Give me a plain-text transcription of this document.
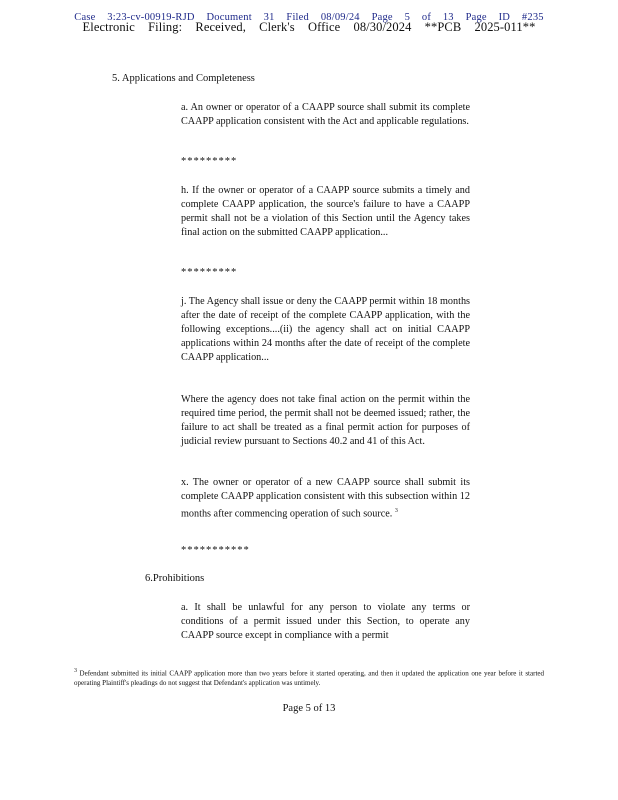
Case 3:23-cv-00919-RJD Document 31 Filed 08/09/24 Page 5 of 13 Page ID #235
Electronic Filing: Received, Clerk's Office 08/30/2024 **PCB 2025-011**
5. Applications and Completeness
a. An owner or operator of a CAAPP source shall submit its complete CAAPP application consistent with the Act and applicable regulations.
*********
h. If the owner or operator of a CAAPP source submits a timely and complete CAAPP application, the source's failure to have a CAAPP permit shall not be a violation of this Section until the Agency takes final action on the submitted CAAPP application...
*********
j. The Agency shall issue or deny the CAAPP permit within 18 months after the date of receipt of the complete CAAPP application, with the following exceptions....(ii) the agency shall act on initial CAAPP applications within 24 months after the date of receipt of the complete CAAPP application...
Where the agency does not take final action on the permit within the required time period, the permit shall not be deemed issued; rather, the failure to act shall be treated as a final permit action for purposes of judicial review pursuant to Sections 40.2 and 41 of this Act.
x. The owner or operator of a new CAAPP source shall submit its complete CAAPP application consistent with this subsection within 12 months after commencing operation of such source. $^3$
***********
6.Prohibitions
a. It shall be unlawful for any person to violate any terms or conditions of a permit issued under this Section, to operate any CAAPP source except in compliance with a permit
$^3$ Defendant submitted its initial CAAPP application more than two years before it started operating, and then it updated the application one year before it started operating Plaintiff's pleadings do not suggest that Defendant's application was untimely.
Page 5 of 13
